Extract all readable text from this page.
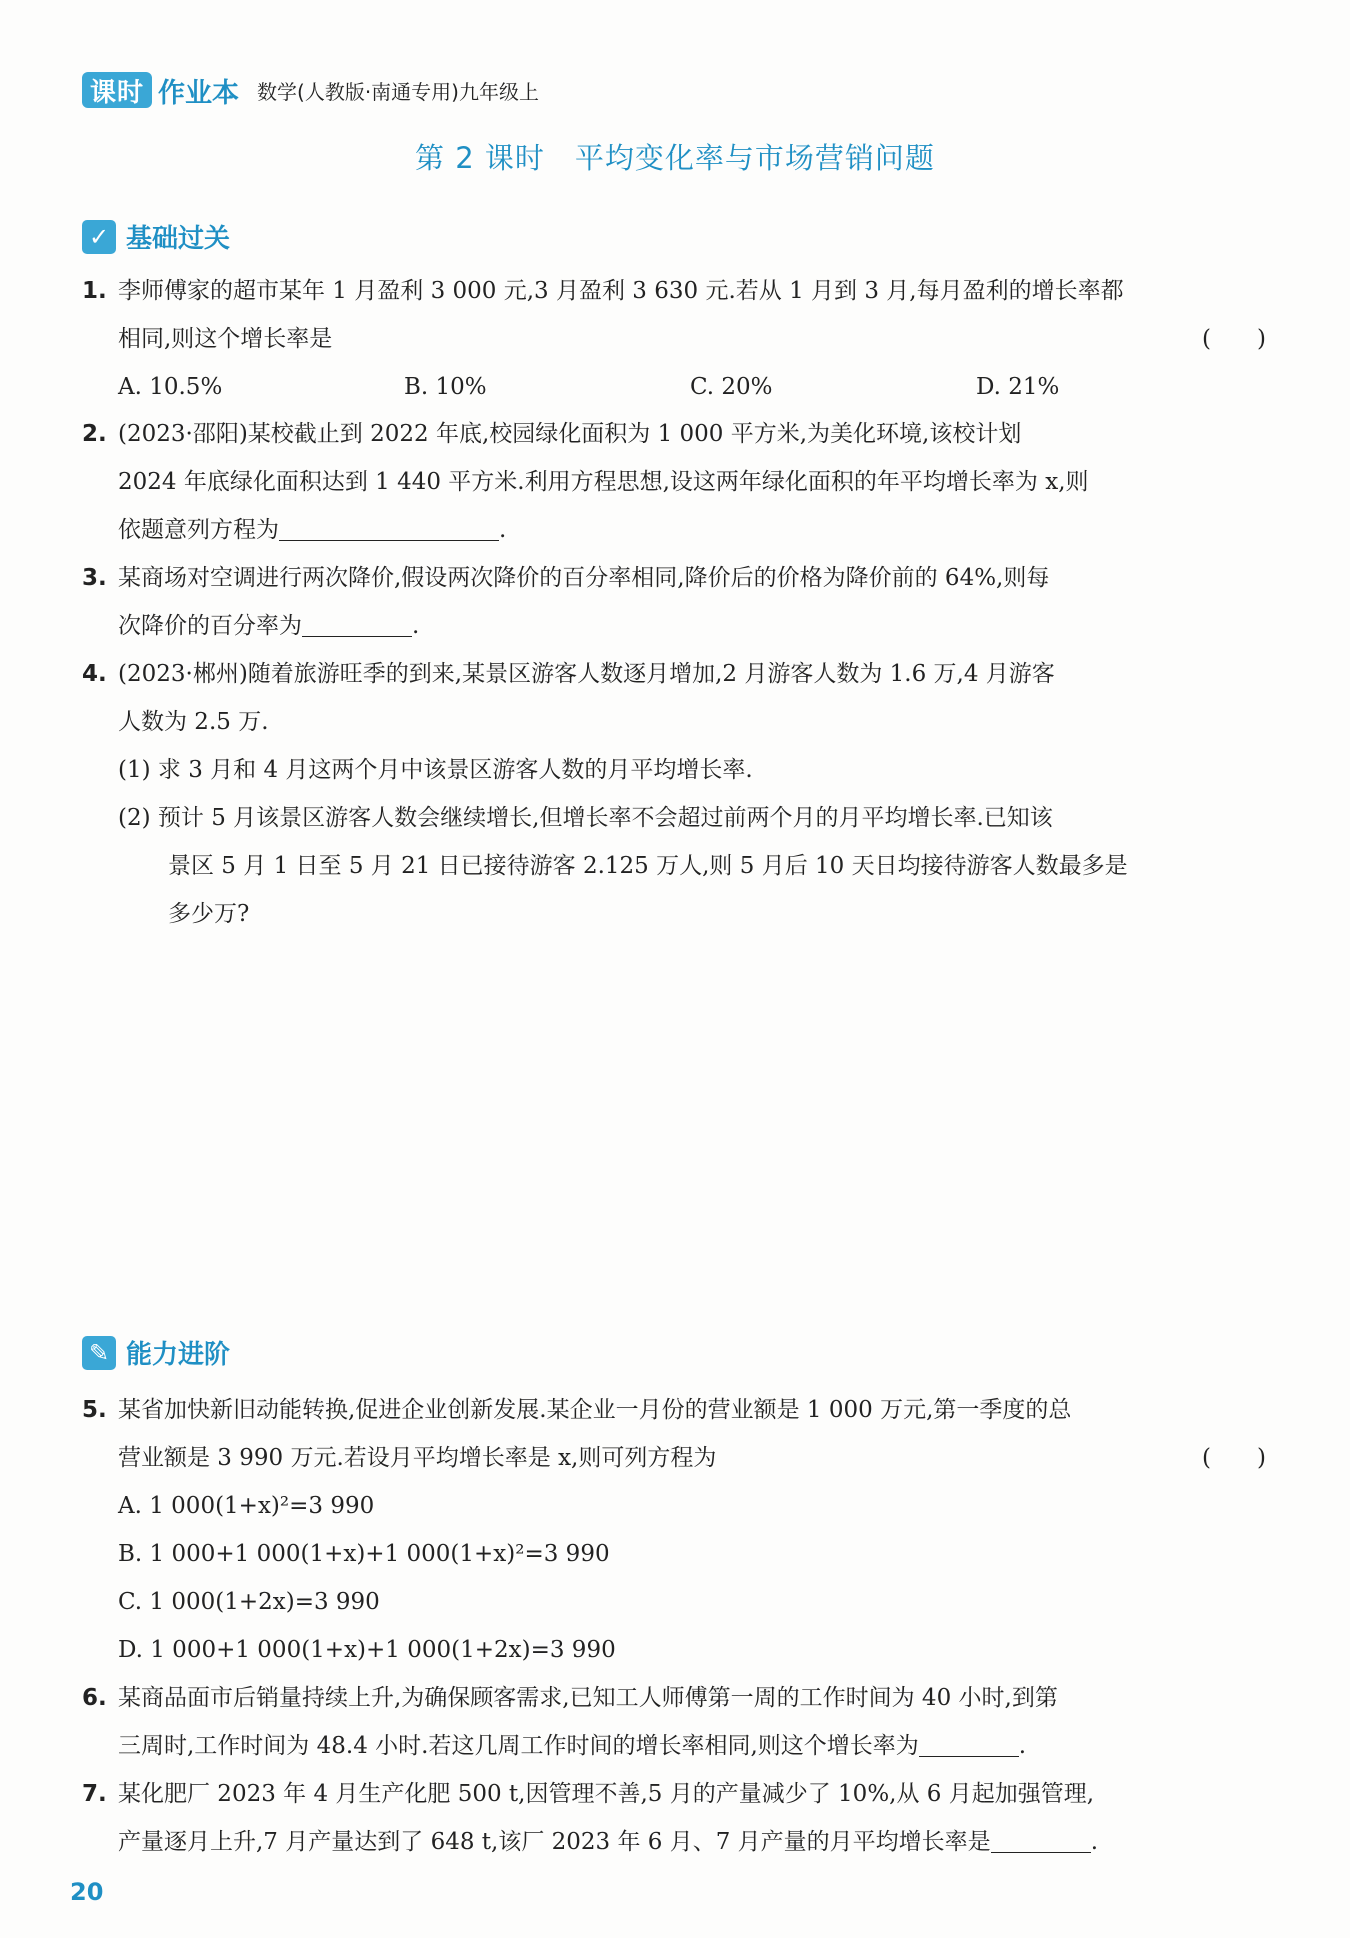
课时 作业本 数学(人教版·南通专用)九年级上
第 2 课时　平均变化率与市场营销问题
✓ 基础过关
1. 李师傅家的超市某年 1 月盈利 3 000 元,3 月盈利 3 630 元.若从 1 月到 3 月,每月盈利的增长率都
相同,则这个增长率是	(　　)
A. 10.5%	B. 10%	C. 20%	D. 21%
2. (2023·邵阳)某校截止到 2022 年底,校园绿化面积为 1 000 平方米,为美化环境,该校计划
2024 年底绿化面积达到 1 440 平方米.利用方程思想,设这两年绿化面积的年平均增长率为 x,则
依题意列方程为	.
3. 某商场对空调进行两次降价,假设两次降价的百分率相同,降价后的价格为降价前的 64%,则每
次降价的百分率为	.
4. (2023·郴州)随着旅游旺季的到来,某景区游客人数逐月增加,2 月游客人数为 1.6 万,4 月游客
人数为 2.5 万.
(1) 求 3 月和 4 月这两个月中该景区游客人数的月平均增长率.
(2) 预计 5 月该景区游客人数会继续增长,但增长率不会超过前两个月的月平均增长率.已知该
景区 5 月 1 日至 5 月 21 日已接待游客 2.125 万人,则 5 月后 10 天日均接待游客人数最多是
多少万?
✎ 能力进阶
5. 某省加快新旧动能转换,促进企业创新发展.某企业一月份的营业额是 1 000 万元,第一季度的总
营业额是 3 990 万元.若设月平均增长率是 x,则可列方程为	(　　)
A. 1 000(1+x)²=3 990
B. 1 000+1 000(1+x)+1 000(1+x)²=3 990
C. 1 000(1+2x)=3 990
D. 1 000+1 000(1+x)+1 000(1+2x)=3 990
6. 某商品面市后销量持续上升,为确保顾客需求,已知工人师傅第一周的工作时间为 40 小时,到第
三周时,工作时间为 48.4 小时.若这几周工作时间的增长率相同,则这个增长率为	.
7. 某化肥厂 2023 年 4 月生产化肥 500 t,因管理不善,5 月的产量减少了 10%,从 6 月起加强管理,
产量逐月上升,7 月产量达到了 648 t,该厂 2023 年 6 月、7 月产量的月平均增长率是	.
20
